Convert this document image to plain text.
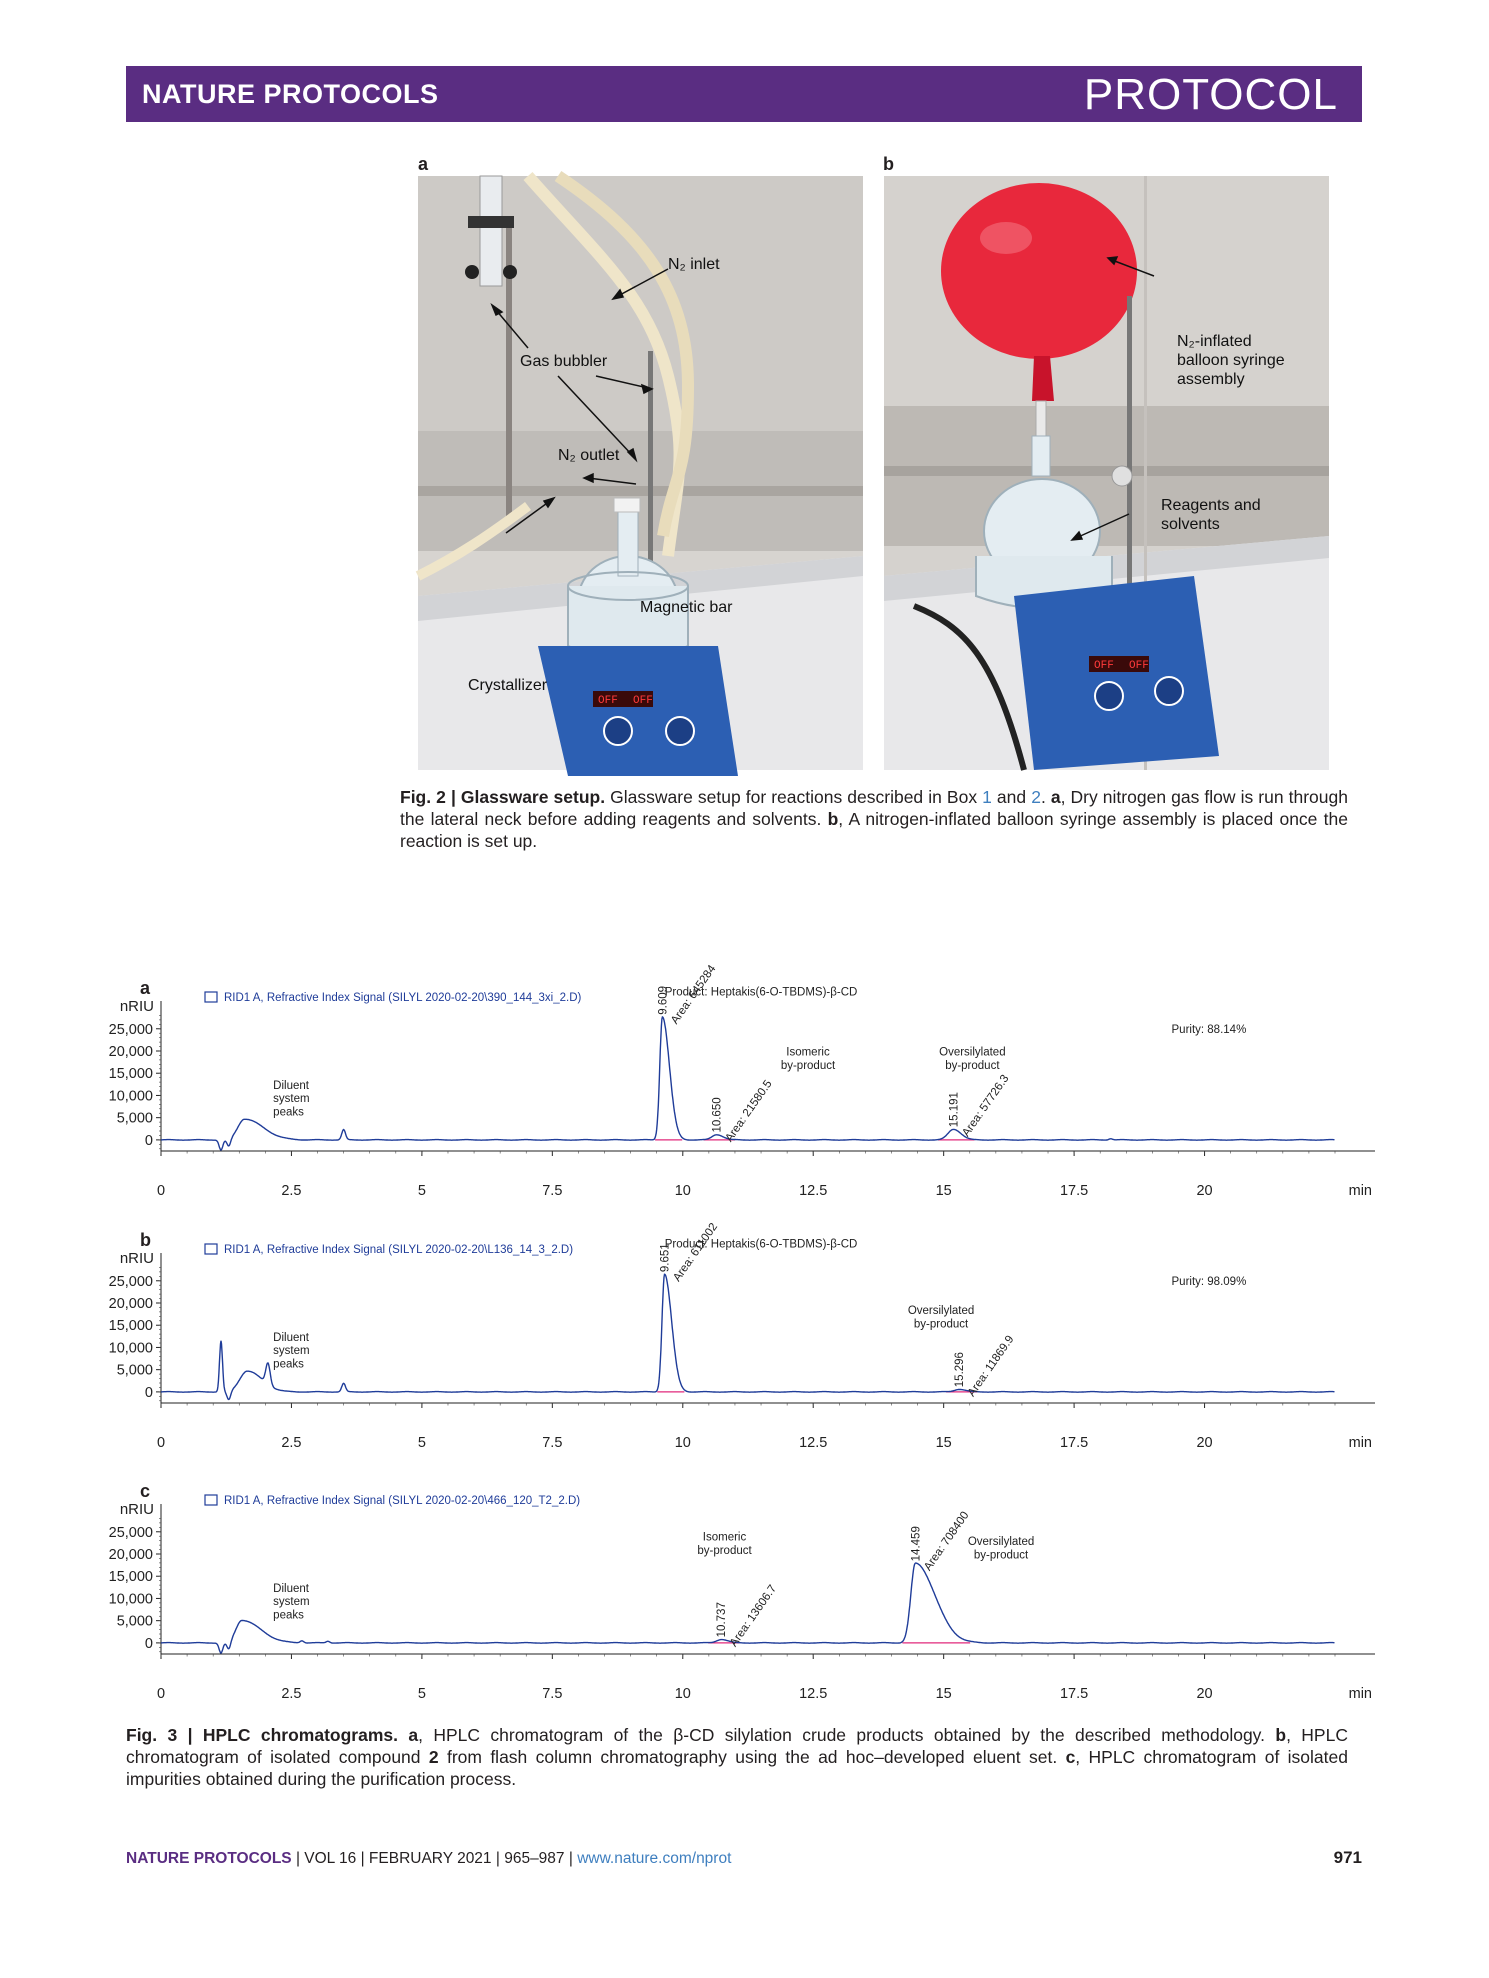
NATURE PROTOCOLS	PROTOCOL
a	b
OFF OFF
Gas bubbler
N₂ inlet
N₂ outlet
Magnetic bar
Crystallizer
OFF OFF
N₂-inflated
balloon syringe
assembly
Reagents and
solvents
Fig. 2 | Glassware setup. Glassware setup for reactions described in Box 1 and 2. a, Dry nitrogen gas flow is run through the lateral neck before adding reagents and solvents. b, A nitrogen-inflated balloon syringe assembly is placed once the reaction is set up.
a	RID1 A, Refractive Index Signal (SILYL 2020-02-20\390_144_3xi_2.D)
nRIU
25,000
20,000
15,000
10,000
5,000
0
0	2.5	5	7.5	10	12.5	15	17.5	20	min
9.609 Area: 645284
10.650 Area: 21580.5	15.191 Area: 57726.3
Product: Heptakis(6-O-TBDMS)-β-CD
Purity: 88.14%
Diluent
system
peaks
Isomeric
by-product
Oversilylated
by-product
b	RID1 A, Refractive Index Signal (SILYL 2020-02-20\L136_14_3_2.D)
nRIU
25,000
20,000
15,000
10,000
5,000
0
0	2.5	5	7.5	10	12.5	15	17.5	20	min
9.651 Area: 611002
15.296 Area: 11869.9
Product: Heptakis(6-O-TBDMS)-β-CD
Purity: 98.09%
Diluent
system
peaks
Oversilylated
by-product
c	RID1 A, Refractive Index Signal (SILYL 2020-02-20\466_120_T2_2.D)
nRIU
25,000
20,000
15,000
10,000
5,000
0
0	2.5	5	7.5	10	12.5	15	17.5	20	min
10.737 Area: 13606.7
14.459 Area: 708400
Diluent
system
peaks
Isomeric
by-product
Oversilylated
by-product
Fig. 3 | HPLC chromatograms. a, HPLC chromatogram of the β-CD silylation crude products obtained by the described methodology. b, HPLC chromatogram of isolated compound 2 from flash column chromatography using the ad hoc–developed eluent set. c, HPLC chromatogram of isolated impurities obtained during the purification process.
NATURE PROTOCOLS | VOL 16 | FEBRUARY 2021 | 965–987 | www.nature.com/nprot	971
